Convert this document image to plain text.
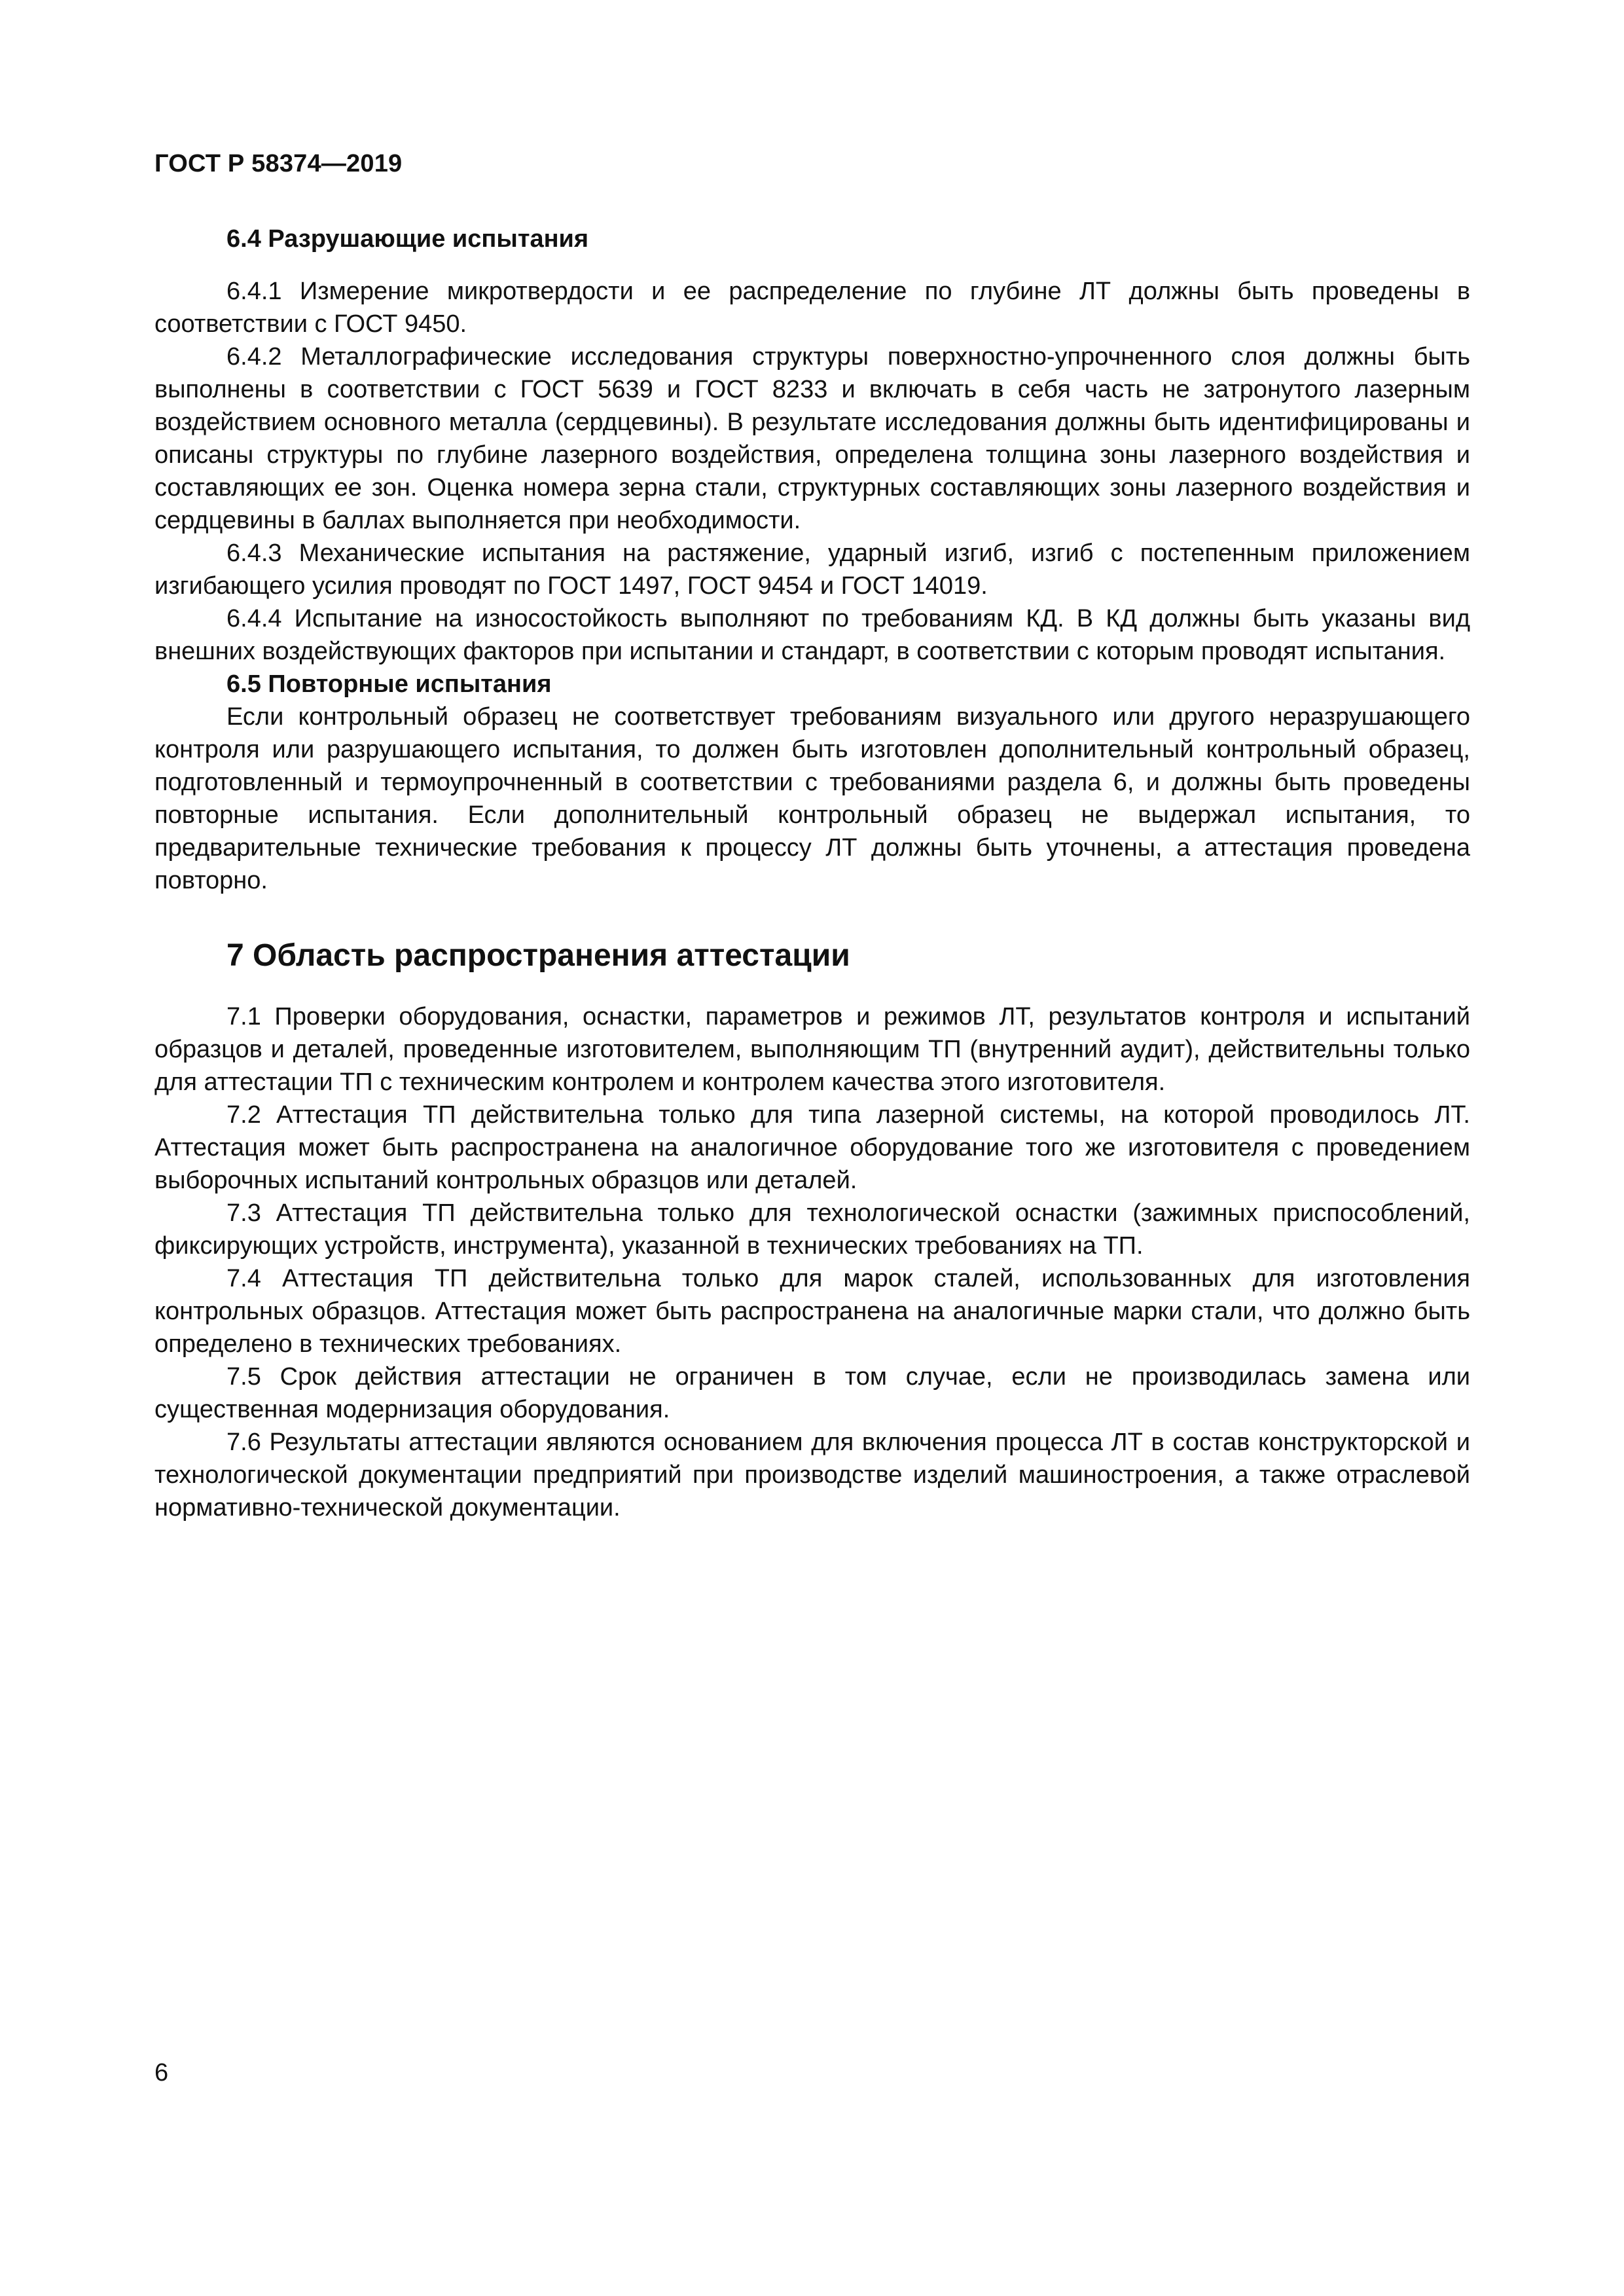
ГОСТ Р 58374—2019

6.4 Разрушающие испытания

6.4.1 Измерение микротвердости и ее распределение по глубине ЛТ должны быть проведены в соответствии с ГОСТ 9450.

6.4.2 Металлографические исследования структуры поверхностно-упрочненного слоя должны быть выполнены в соответствии с ГОСТ 5639 и ГОСТ 8233 и включать в себя часть не затронутого лазерным воздействием основного металла (сердцевины). В результате исследования должны быть идентифицированы и описаны структуры по глубине лазерного воздействия, определена толщина зоны лазерного воздействия и составляющих ее зон. Оценка номера зерна стали, структурных составляющих зоны лазерного воздействия и сердцевины в баллах выполняется при необходимости.

6.4.3 Механические испытания на растяжение, ударный изгиб, изгиб с постепенным приложением изгибающего усилия проводят по ГОСТ 1497, ГОСТ 9454 и ГОСТ 14019.

6.4.4 Испытание на износостойкость выполняют по требованиям КД. В КД должны быть указаны вид внешних воздействующих факторов при испытании и стандарт, в соответствии с которым проводят испытания.

6.5 Повторные испытания

Если контрольный образец не соответствует требованиям визуального или другого неразрушающего контроля или разрушающего испытания, то должен быть изготовлен дополнительный контрольный образец, подготовленный и термоупрочненный в соответствии с требованиями раздела 6, и должны быть проведены повторные испытания. Если дополнительный контрольный образец не выдержал испытания, то предварительные технические требования к процессу ЛТ должны быть уточнены, а аттестация проведена повторно.

7 Область распространения аттестации

7.1 Проверки оборудования, оснастки, параметров и режимов ЛТ, результатов контроля и испытаний образцов и деталей, проведенные изготовителем, выполняющим ТП (внутренний аудит), действительны только для аттестации ТП с техническим контролем и контролем качества этого изготовителя.

7.2 Аттестация ТП действительна только для типа лазерной системы, на которой проводилось ЛТ. Аттестация может быть распространена на аналогичное оборудование того же изготовителя с проведением выборочных испытаний контрольных образцов или деталей.

7.3 Аттестация ТП действительна только для технологической оснастки (зажимных приспособлений, фиксирующих устройств, инструмента), указанной в технических требованиях на ТП.

7.4 Аттестация ТП действительна только для марок сталей, использованных для изготовления контрольных образцов. Аттестация может быть распространена на аналогичные марки стали, что должно быть определено в технических требованиях.

7.5 Срок действия аттестации не ограничен в том случае, если не производилась замена или существенная модернизация оборудования.

7.6 Результаты аттестации являются основанием для включения процесса ЛТ в состав конструкторской и технологической документации предприятий при производстве изделий машиностроения, а также отраслевой нормативно-технической документации.

6
